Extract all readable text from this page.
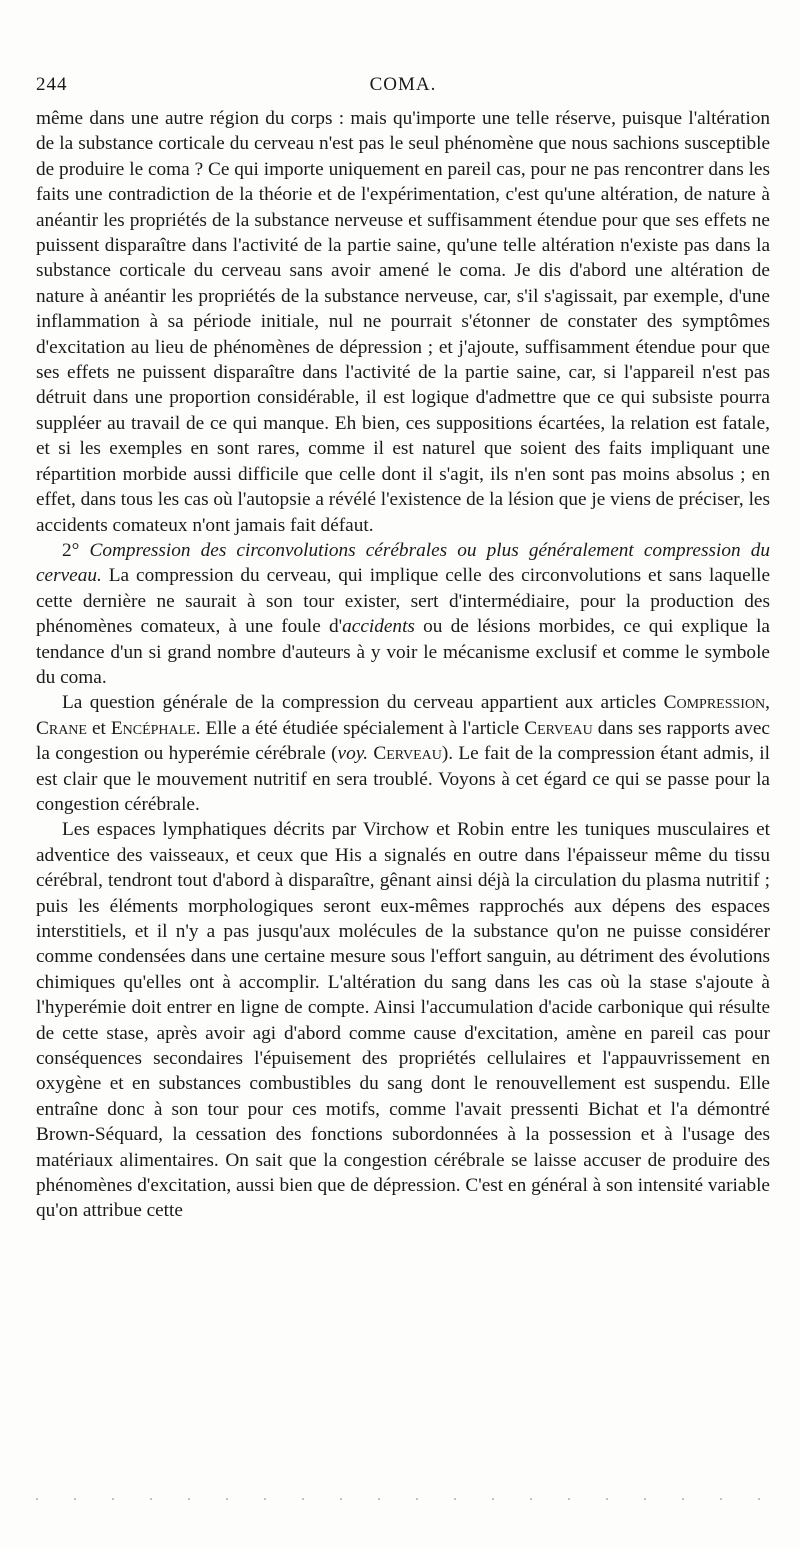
244	COMA.

même dans une autre région du corps : mais qu'importe une telle réserve, puisque l'altération de la substance corticale du cerveau n'est pas le seul phénomène que nous sachions susceptible de produire le coma ? Ce qui importe uniquement en pareil cas, pour ne pas rencontrer dans les faits une contradiction de la théorie et de l'expérimentation, c'est qu'une altération, de nature à anéantir les propriétés de la substance nerveuse et suffisamment étendue pour que ses effets ne puissent disparaître dans l'activité de la partie saine, qu'une telle altération n'existe pas dans la substance corticale du cerveau sans avoir amené le coma. Je dis d'abord une altération de nature à anéantir les propriétés de la substance nerveuse, car, s'il s'agissait, par exemple, d'une inflammation à sa période initiale, nul ne pourrait s'étonner de constater des symptômes d'excitation au lieu de phénomènes de dépression ; et j'ajoute, suffisamment étendue pour que ses effets ne puissent disparaître dans l'activité de la partie saine, car, si l'appareil n'est pas détruit dans une proportion considérable, il est logique d'admettre que ce qui subsiste pourra suppléer au travail de ce qui manque. Eh bien, ces suppositions écartées, la relation est fatale, et si les exemples en sont rares, comme il est naturel que soient des faits impliquant une répartition morbide aussi difficile que celle dont il s'agit, ils n'en sont pas moins absolus ; en effet, dans tous les cas où l'autopsie a révélé l'existence de la lésion que je viens de préciser, les accidents comateux n'ont jamais fait défaut.

2° Compression des circonvolutions cérébrales ou plus généralement compression du cerveau. La compression du cerveau, qui implique celle des circonvolutions et sans laquelle cette dernière ne saurait à son tour exister, sert d'intermédiaire, pour la production des phénomènes comateux, à une foule d'accidents ou de lésions morbides, ce qui explique la tendance d'un si grand nombre d'auteurs à y voir le mécanisme exclusif et comme le symbole du coma.

La question générale de la compression du cerveau appartient aux articles Compression, Crane et Encéphale. Elle a été étudiée spécialement à l'article Cerveau dans ses rapports avec la congestion ou hyperémie cérébrale (voy. Cerveau). Le fait de la compression étant admis, il est clair que le mouvement nutritif en sera troublé. Voyons à cet égard ce qui se passe pour la congestion cérébrale.

Les espaces lymphatiques décrits par Virchow et Robin entre les tuniques musculaires et adventice des vaisseaux, et ceux que His a signalés en outre dans l'épaisseur même du tissu cérébral, tendront tout d'abord à disparaître, gênant ainsi déjà la circulation du plasma nutritif ; puis les éléments morphologiques seront eux-mêmes rapprochés aux dépens des espaces interstitiels, et il n'y a pas jusqu'aux molécules de la substance qu'on ne puisse considérer comme condensées dans une certaine mesure sous l'effort sanguin, au détriment des évolutions chimiques qu'elles ont à accomplir. L'altération du sang dans les cas où la stase s'ajoute à l'hyperémie doit entrer en ligne de compte. Ainsi l'accumulation d'acide carbonique qui résulte de cette stase, après avoir agi d'abord comme cause d'excitation, amène en pareil cas pour conséquences secondaires l'épuisement des propriétés cellulaires et l'appauvrissement en oxygène et en substances combustibles du sang dont le renouvellement est suspendu. Elle entraîne donc à son tour pour ces motifs, comme l'avait pressenti Bichat et l'a démontré Brown-Séquard, la cessation des fonctions subordonnées à la possession et à l'usage des matériaux alimentaires. On sait que la congestion cérébrale se laisse accuser de produire des phénomènes d'excitation, aussi bien que de dépression. C'est en général à son intensité variable qu'on attribue cette
